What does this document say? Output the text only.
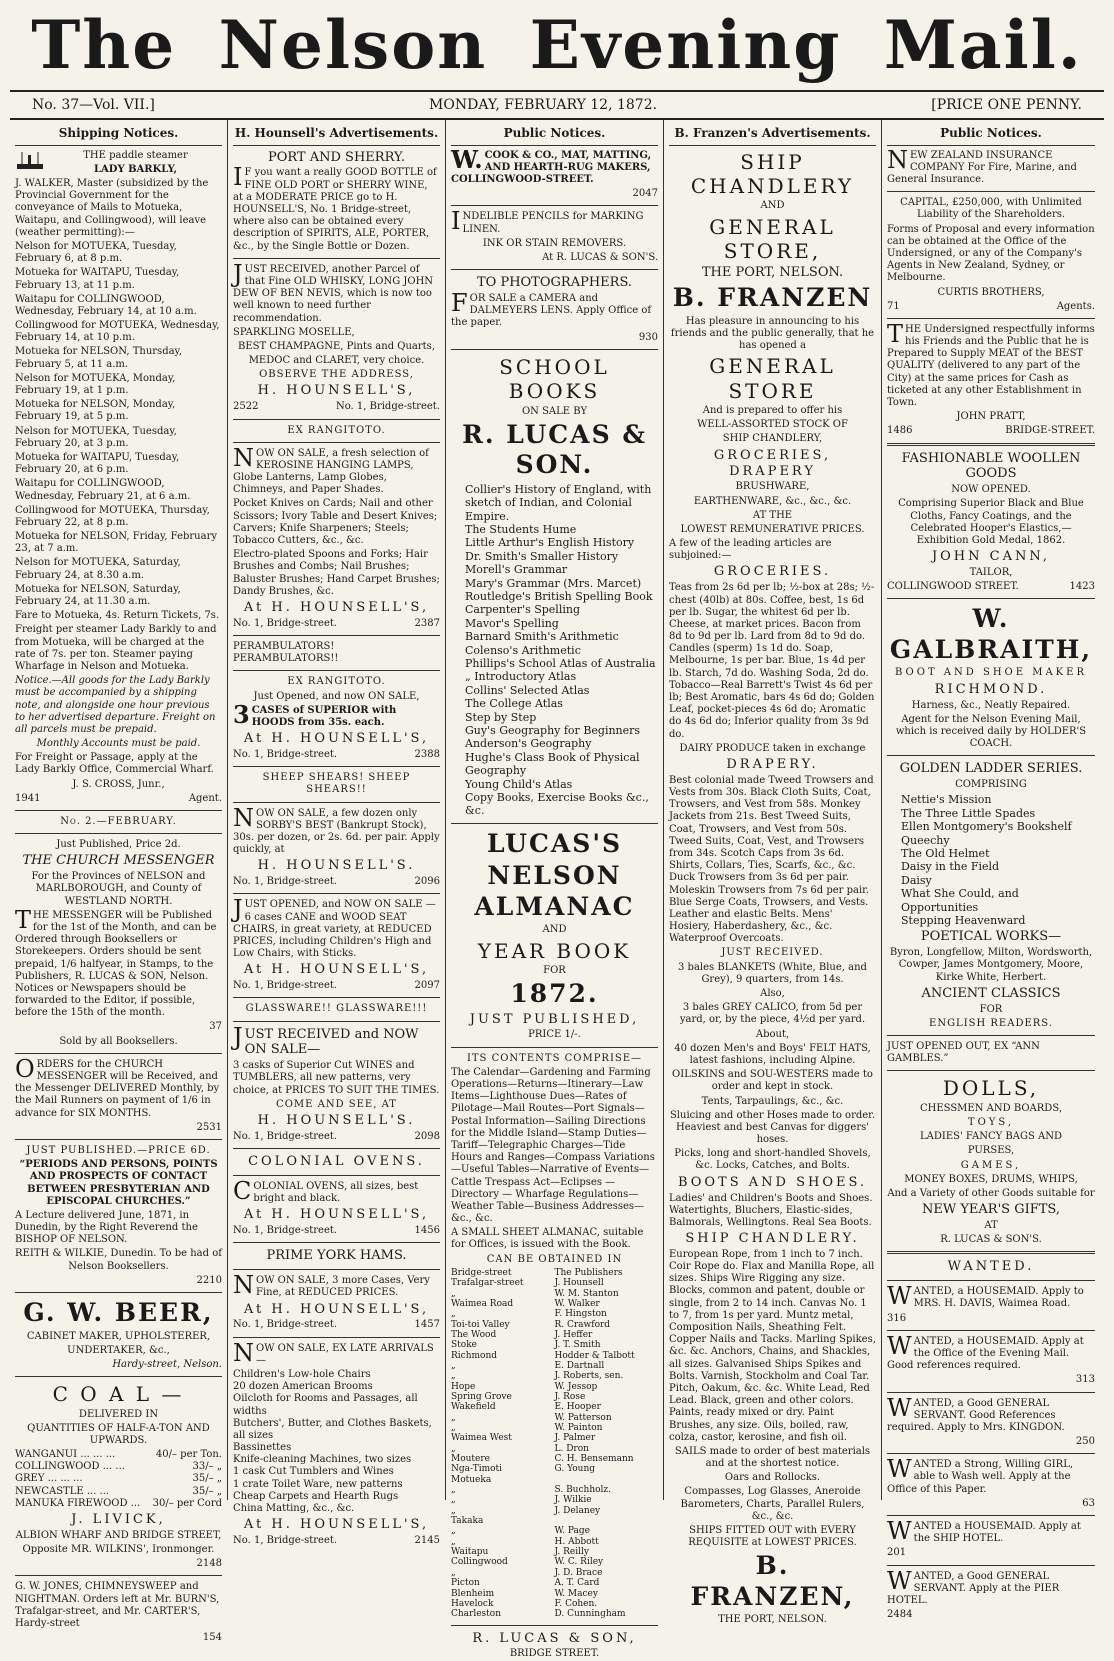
The Nelson Evening Mail.
No. 37—Vol. VII.]	MONDAY, FEBRUARY 12, 1872.	[PRICE ONE PENNY.
Shipping Notices.

THE paddle steamer

LADY BARKLY,

J. WALKER, Master (subsidized by the Provincial Government for the conveyance of Mails to Motueka, Waitapu, and Collingwood), will leave (weather permitting):—

Nelson for MOTUEKA, Tuesday, February 6, at 8 p.m.

Motueka for WAITAPU, Tuesday, February 13, at 11 p.m.

Waitapu for COLLINGWOOD, Wednesday, February 14, at 10 a.m.

Collingwood for MOTUEKA, Wednesday, February 14, at 10 p.m.

Motueka for NELSON, Thursday, February 5, at 11 a.m.

Nelson for MOTUEKA, Monday, February 19, at 1 p.m.

Motueka for NELSON, Monday, February 19, at 5 p.m.

Nelson for MOTUEKA, Tuesday, February 20, at 3 p.m.

Motueka for WAITAPU, Tuesday, February 20, at 6 p.m.

Waitapu for COLLINGWOOD, Wednesday, February 21, at 6 a.m.

Collingwood for MOTUEKA, Thursday, February 22, at 8 p.m.

Motueka for NELSON, Friday, February 23, at 7 a.m.

Nelson for MOTUEKA, Saturday, February 24, at 8.30 a.m.

Motueka for NELSON, Saturday, February 24, at 11.30 a.m.

Fare to Motueka, 4s. Return Tickets, 7s.

Freight per steamer Lady Barkly to and from Motueka, will be charged at the rate of 7s. per ton. Steamer paying Wharfage in Nelson and Motueka.

Notice.—All goods for the Lady Barkly must be accompanied by a shipping note, and alongside one hour previous to her advertised departure. Freight on all parcels must be prepaid.

Monthly Accounts must be paid.

For Freight or Passage, apply at the Lady Barkly Office, Commercial Wharf.

J. S. CROSS, Junr.,

1941	Agent.

No. 2.—FEBRUARY.

Just Published, Price 2d.

THE CHURCH MESSENGER

For the Provinces of NELSON and MARLBOROUGH, and County of WESTLAND NORTH.

THE MESSENGER will be Published for the 1st of the Month, and can be Ordered through Booksellers or Storekeepers. Orders should be sent prepaid, 1/6 halfyear, in Stamps, to the Publishers, R. LUCAS & SON, Nelson. Notices or Newspapers should be forwarded to the Editor, if possible, before the 15th of the month.

37

Sold by all Booksellers.

ORDERS for the CHURCH MESSENGER will be Received, and the Messenger DELIVERED Monthly, by the Mail Runners on payment of 1/6 in advance for SIX MONTHS.

2531

JUST PUBLISHED.—PRICE 6D.

“PERIODS AND PERSONS, POINTS AND PROSPECTS OF CONTACT BETWEEN PRESBYTERIAN AND EPISCOPAL CHURCHES.”

A Lecture delivered June, 1871, in Dunedin, by the Right Reverend the BISHOP OF NELSON.

REITH & WILKIE, Dunedin. To be had of Nelson Booksellers.

2210

G. W. BEER,

CABINET MAKER, UPHOLSTERER,

UNDERTAKER, &c.,

Hardy-street, Nelson.

C O A L —

DELIVERED IN

QUANTITIES OF HALF-A-TON AND UPWARDS.

WANGANUI ... ... ...	40/– per Ton.
COLLINGWOOD ... ...	33/– „
GREY ... ... ...	35/– „
NEWCASTLE ... ...	35/– „
MANUKA FIREWOOD ...	30/– per Cord

J. LIVICK,

ALBION WHARF AND BRIDGE STREET,

Opposite MR. WILKINS', Ironmonger.

2148

G. W. JONES, CHIMNEYSWEEP and NIGHTMAN. Orders left at Mr. BURN'S, Trafalgar-street, and Mr. CARTER'S, Hardy-street

154

H. Hounsell's Advertisements.

PORT AND SHERRY.

IF you want a really GOOD BOTTLE of FINE OLD PORT or SHERRY WINE, at a MODERATE PRICE go to H. HOUNSELL'S, No. 1 Bridge-street, where also can be obtained every description of SPIRITS, ALE, PORTER, &c., by the Single Bottle or Dozen.

JUST RECEIVED, another Parcel of that Fine OLD WHISKY, LONG JOHN DEW OF BEN NEVIS, which is now too well known to need further recommendation.

SPARKLING MOSELLE,

BEST CHAMPAGNE, Pints and Quarts,

MEDOC and CLARET, very choice.

OBSERVE THE ADDRESS,

H. HOUNSELL'S,

2522	No. 1, Bridge-street.

EX RANGITOTO.

NOW ON SALE, a fresh selection of KEROSINE HANGING LAMPS, Globe Lanterns, Lamp Globes, Chimneys, and Paper Shades.

Pocket Knives on Cards; Nail and other Scissors; Ivory Table and Desert Knives; Carvers; Knife Sharpeners; Steels; Tobacco Cutters, &c., &c.

Electro-plated Spoons and Forks; Hair Brushes and Combs; Nail Brushes; Baluster Brushes; Hand Carpet Brushes; Dandy Brushes, &c.

At H. HOUNSELL'S,

No. 1, Bridge-street.	2387

PERAMBULATORS! PERAMBULATORS!!

EX RANGITOTO.

Just Opened, and now ON SALE,

3CASES of SUPERIOR with HOODS from 35s. each.

At H. HOUNSELL'S,

No. 1, Bridge-street.	2388

SHEEP SHEARS! SHEEP SHEARS!!

NOW ON SALE, a few dozen only SORBY'S BEST (Bankrupt Stock), 30s. per dozen, or 2s. 6d. per pair. Apply quickly, at

H. HOUNSELL'S.

No. 1, Bridge-street.	2096

JUST OPENED, and NOW ON SALE —6 cases CANE and WOOD SEAT CHAIRS, in great variety, at REDUCED PRICES, including Children's High and Low Chairs, with Sticks.

At H. HOUNSELL'S,

No. 1, Bridge-street.	2097

GLASSWARE!! GLASSWARE!!!

JUST RECEIVED and NOW ON SALE—

3 casks of Superior Cut WINES and TUMBLERS, all new patterns, very choice, at PRICES TO SUIT THE TIMES.

COME AND SEE, AT

H. HOUNSELL'S.

No. 1, Bridge-street.	2098

COLONIAL OVENS.

COLONIAL OVENS, all sizes, best bright and black.

At H. HOUNSELL'S,

No. 1, Bridge-street.	1456

PRIME YORK HAMS.

NOW ON SALE, 3 more Cases, Very Fine, at REDUCED PRICES.

At H. HOUNSELL'S,

No. 1, Bridge-street.	1457

NOW ON SALE, EX LATE ARRIVALS—

Children's Low-hole Chairs
20 dozen American Brooms
Oilcloth for Rooms and Passages, all widths
Butchers', Butter, and Clothes Baskets, all sizes
Bassinettes
Knife-cleaning Machines, two sizes
1 cask Cut Tumblers and Wines
1 crate Toilet Ware, new patterns
Cheap Carpets and Hearth Rugs
China Matting, &c., &c.

At H. HOUNSELL'S,

No. 1, Bridge-street.	2145
Public Notices.

W.COOK & CO., MAT, MATTING, AND HEARTH-RUG MAKERS, COLLINGWOOD-STREET.

2047

INDELIBLE PENCILS for MARKING LINEN.

INK OR STAIN REMOVERS.

At R. LUCAS & SON'S.

TO PHOTOGRAPHERS.

FOR SALE a CAMERA and DALMEYERS LENS. Apply Office of the paper.

930

SCHOOL BOOKS

ON SALE BY

R. LUCAS & SON.

Collier's History of England, with sketch of Indian, and Colonial Empire.
The Students Hume
Little Arthur's English History
Dr. Smith's Smaller History
Morell's Grammar
Mary's Grammar (Mrs. Marcet)
Routledge's British Spelling Book
Carpenter's Spelling
Mavor's Spelling
Barnard Smith's Arithmetic
Colenso's Arithmetic
Phillips's School Atlas of Australia
„ Introductory Atlas
Collins' Selected Atlas
The College Atlas
Step by Step
Guy's Geography for Beginners
Anderson's Geography
Hughe's Class Book of Physical Geography
Young Child's Atlas
Copy Books, Exercise Books &c., &c.

LUCAS'S

NELSON ALMANAC

AND

YEAR BOOK

FOR

1872.

JUST PUBLISHED,

PRICE 1/-.

ITS CONTENTS COMPRISE—

The Calendar—Gardening and Farming Operations—Returns—Itinerary—Law Items—Lighthouse Dues—Rates of Pilotage—Mail Routes—Port Signals—Postal Information—Sailing Directions for the Middle Island—Stamp Duties—Tariff—Telegraphic Charges—Tide Hours and Ranges—Compass Variations—Useful Tables—Narrative of Events—Cattle Trespass Act—Eclipses — Directory — Wharfage Regulations—Weather Table—Business Addresses—&c., &c.

A SMALL SHEET ALMANAC, suitable for Offices, is issued with the Book.

CAN BE OBTAINED IN

Bridge-street	The Publishers
Trafalgar-street	J. Hounsell
„	W. M. Stanton
Waimea Road	W. Walker
„	F. Hingston
Toi-toi Valley	R. Crawford
The Wood	J. Heffer
Stoke	J. T. Smith
Richmond	Hodder & Talbott
„	E. Dartnall
„	J. Roberts, sen.
Hope	W. Jessop
Spring Grove	J. Rose
Wakefield	E. Hooper
„	W. Patterson
„	W. Painton
Waimea West	J. Palmer
„	L. Dron
Moutere	C. H. Bensemann
Nga-Timoti	G. Young
Motueka
„	S. Buchholz.
„	J. Wilkie
„	J. Delaney
Takaka
„	W. Page
„	H. Abbott
Waitapu	J. Reilly
Collingwood	W. C. Riley
„	J. D. Brace
Picton	A. T. Card
Blenheim	W. Macey
Havelock	F. Cohen.
Charleston	D. Cunningham

R. LUCAS & SON,

BRIDGE STREET.

B. Franzen's Advertisements.

SHIP CHANDLERY

AND

GENERAL STORE,

THE PORT, NELSON.

B. FRANZEN

Has pleasure in announcing to his friends and the public generally, that he has opened a

GENERAL STORE

And is prepared to offer his

WELL-ASSORTED STOCK OF

SHIP CHANDLERY,

GROCERIES, DRAPERY

BRUSHWARE,

EARTHENWARE, &c., &c., &c.

AT THE

LOWEST REMUNERATIVE PRICES.

A few of the leading articles are subjoined:—

GROCERIES.

Teas from 2s 6d per lb; ½-box at 28s; ½-chest (40lb) at 80s. Coffee, best, 1s 6d per lb. Sugar, the whitest 6d per lb. Cheese, at market prices. Bacon from 8d to 9d per lb. Lard from 8d to 9d do. Candles (sperm) 1s 1d do. Soap, Melbourne, 1s per bar. Blue, 1s 4d per lb. Starch, 7d do. Washing Soda, 2d do. Tobacco—Real Barrett's Twist 4s 6d per lb; Best Aromatic, bars 4s 6d do; Golden Leaf, pocket-pieces 4s 6d do; Aromatic do 4s 6d do; Inferior quality from 3s 9d do.

DAIRY PRODUCE taken in exchange

DRAPERY.

Best colonial made Tweed Trowsers and Vests from 30s. Black Cloth Suits, Coat, Trowsers, and Vest from 58s. Monkey Jackets from 21s. Best Tweed Suits, Coat, Trowsers, and Vest from 50s. Tweed Suits, Coat, Vest, and Trowsers from 34s. Scotch Caps from 3s 6d. Shirts, Collars, Ties, Scarfs, &c., &c. Duck Trowsers from 3s 6d per pair. Moleskin Trowsers from 7s 6d per pair. Blue Serge Coats, Trowsers, and Vests. Leather and elastic Belts. Mens' Hosiery, Haberdashery, &c., &c. Waterproof Overcoats.

JUST RECEIVED.

3 bales BLANKETS (White, Blue, and Grey), 9 quarters, from 14s.

Also,

3 bales GREY CALICO, from 5d per yard, or, by the piece, 4½d per yard.

About,

40 dozen Men's and Boys' FELT HATS, latest fashions, including Alpine.

OILSKINS and SOU-WESTERS made to order and kept in stock.

Tents, Tarpaulings, &c., &c.

Sluicing and other Hoses made to order. Heaviest and best Canvas for diggers' hoses.

Picks, long and short-handled Shovels, &c. Locks, Catches, and Bolts.

BOOTS AND SHOES.

Ladies' and Children's Boots and Shoes. Watertights, Bluchers, Elastic-sides, Balmorals, Wellingtons. Real Sea Boots.

SHIP CHANDLERY.

European Rope, from 1 inch to 7 inch. Coir Rope do. Flax and Manilla Rope, all sizes. Ships Wire Rigging any size. Blocks, common and patent, double or single, from 2 to 14 inch. Canvas No. 1 to 7, from 1s per yard. Muntz metal, Composition Nails, Sheathing Felt. Copper Nails and Tacks. Marling Spikes, &c. &c. Anchors, Chains, and Shackles, all sizes. Galvanised Ships Spikes and Bolts. Varnish, Stockholm and Coal Tar. Pitch, Oakum, &c. &c. White Lead, Red Lead. Black, green and other colors. Paints, ready mixed or dry. Paint Brushes, any size. Oils, boiled, raw, colza, castor, kerosine, and fish oil.

SAILS made to order of best materials and at the shortest notice.

Oars and Rollocks.

Compasses, Log Glasses, Aneroide Barometers, Charts, Parallel Rulers, &c., &c.

SHIPS FITTED OUT with EVERY REQUISITE at LOWEST PRICES.

B. FRANZEN,

THE PORT, NELSON.

Public Notices.

NEW ZEALAND INSURANCE COMPANY For Fire, Marine, and General Insurance.

CAPITAL, £250,000, with Unlimited Liability of the Shareholders.

Forms of Proposal and every information can be obtained at the Office of the Undersigned, or any of the Company's Agents in New Zealand, Sydney, or Melbourne.

CURTIS BROTHERS,

71	Agents.

THE Undersigned respectfully informs his Friends and the Public that he is Prepared to Supply MEAT of the BEST QUALITY (delivered to any part of the City) at the same prices for Cash as ticketed at any other Establishment in Town.

JOHN PRATT,

1486	BRIDGE-STREET.

FASHIONABLE WOOLLEN GOODS

NOW OPENED.

Comprising Superior Black and Blue Cloths, Fancy Coatings, and the Celebrated Hooper's Elastics,—Exhibition Gold Medal, 1862.

JOHN CANN,

TAILOR,

COLLINGWOOD STREET.	1423

W. GALBRAITH,

BOOT AND SHOE MAKER

RICHMOND.

Harness, &c., Neatly Repaired.

Agent for the Nelson Evening Mail, which is received daily by HOLDER'S COACH.

GOLDEN LADDER SERIES.

COMPRISING

Nettie's Mission
The Three Little Spades
Ellen Montgomery's Bookshelf
Queechy
The Old Helmet
Daisy in the Field
Daisy
What She Could, and Opportunities
Stepping Heavenward

POETICAL WORKS—

Byron, Longfellow, Milton, Wordsworth, Cowper, James Montgomery, Moore, Kirke White, Herbert.

ANCIENT CLASSICS

FOR

ENGLISH READERS.

JUST OPENED OUT, EX “ANN GAMBLES.”

DOLLS,

CHESSMEN AND BOARDS,

TOYS,

LADIES' FANCY BAGS AND

PURSES,

GAMES,

MONEY BOXES, DRUMS, WHIPS,

And a Variety of other Goods suitable for

NEW YEAR'S GIFTS,

AT

R. LUCAS & SON'S.

WANTED.

WANTED, a HOUSEMAID. Apply to MRS. H. DAVIS, Waimea Road.

316

WANTED, a HOUSEMAID. Apply at the Office of the Evening Mail. Good references required.

313

WANTED, a Good GENERAL SERVANT. Good References required. Apply to Mrs. KINGDON.

250

WANTED a Strong, Willing GIRL, able to Wash well. Apply at the Office of this Paper.

63

WANTED a HOUSEMAID. Apply at the SHIP HOTEL.

201

WANTED, a Good GENERAL SERVANT. Apply at the PIER HOTEL.

2484
